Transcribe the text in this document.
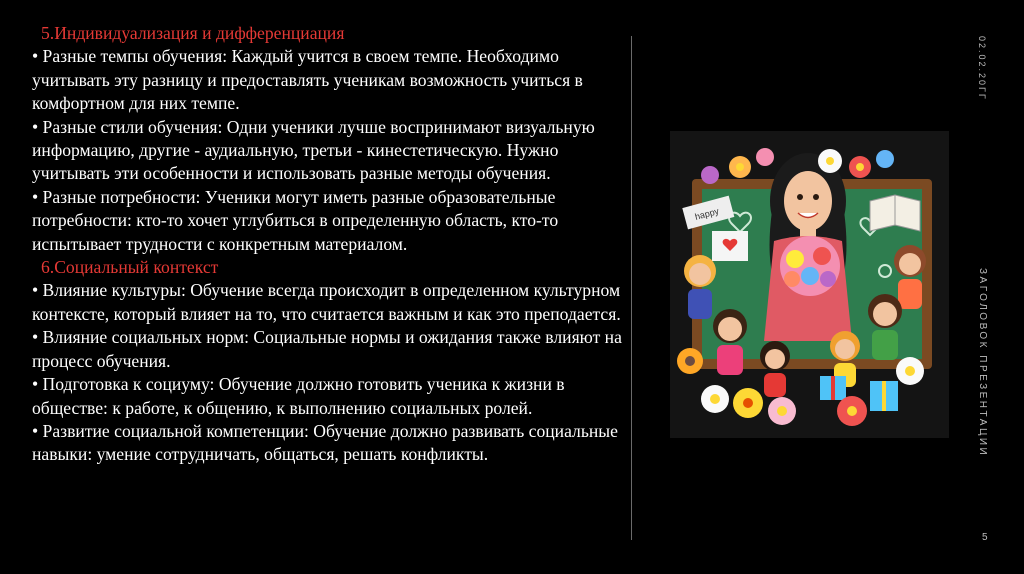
5.Индивидуализация и дифференциация
• Разные темпы обучения: Каждый учится в своем темпе. Необходимо учитывать эту разницу и предоставлять ученикам возможность учиться в комфортном для них темпе.
• Разные стили обучения: Одни ученики лучше воспринимают визуальную информацию, другие - аудиальную, третьи - кинестетическую. Нужно учитывать эти особенности и использовать разные методы обучения.
• Разные потребности: Ученики могут иметь разные образовательные потребности: кто-то хочет углубиться в определенную область, кто-то испытывает трудности с конкретным материалом.
6.Социальный контекст
• Влияние культуры: Обучение всегда происходит в определенном культурном контексте, который влияет на то, что считается важным и как это преподается.
• Влияние социальных норм: Социальные нормы и ожидания также влияют на процесс обучения.
• Подготовка к социуму: Обучение должно готовить ученика к жизни в обществе: к работе, к общению, к выполнению социальных ролей.
• Развитие социальной компетенции: Обучение должно развивать социальные навыки: умение сотрудничать, общаться, решать конфликты.
happy
02.02.20ГГ
ЗАГОЛОВОК ПРЕЗЕНТАЦИИ
5
